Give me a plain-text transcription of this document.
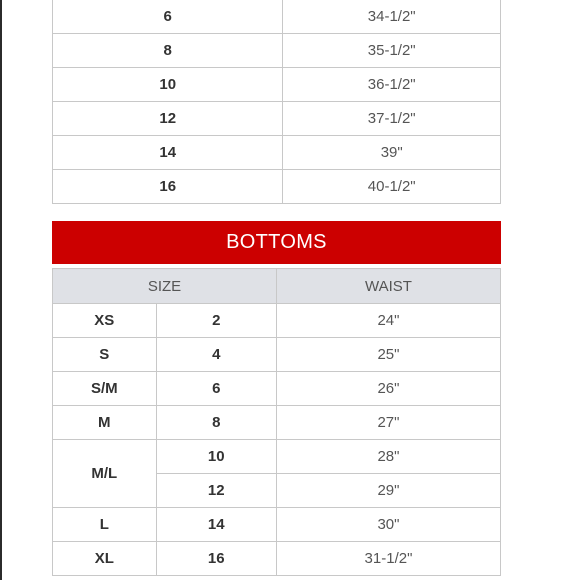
6	34-1/2"
8	35-1/2"
10	36-1/2"
12	37-1/2"
14	39"
16	40-1/2"
BOTTOMS
SIZE		WAIST
XS	2	24"
S	4	25"
S/M	6	26"
M	8	27"
M/L	10	28"
	12	29"
L	14	30"
XL	16	31-1/2"
